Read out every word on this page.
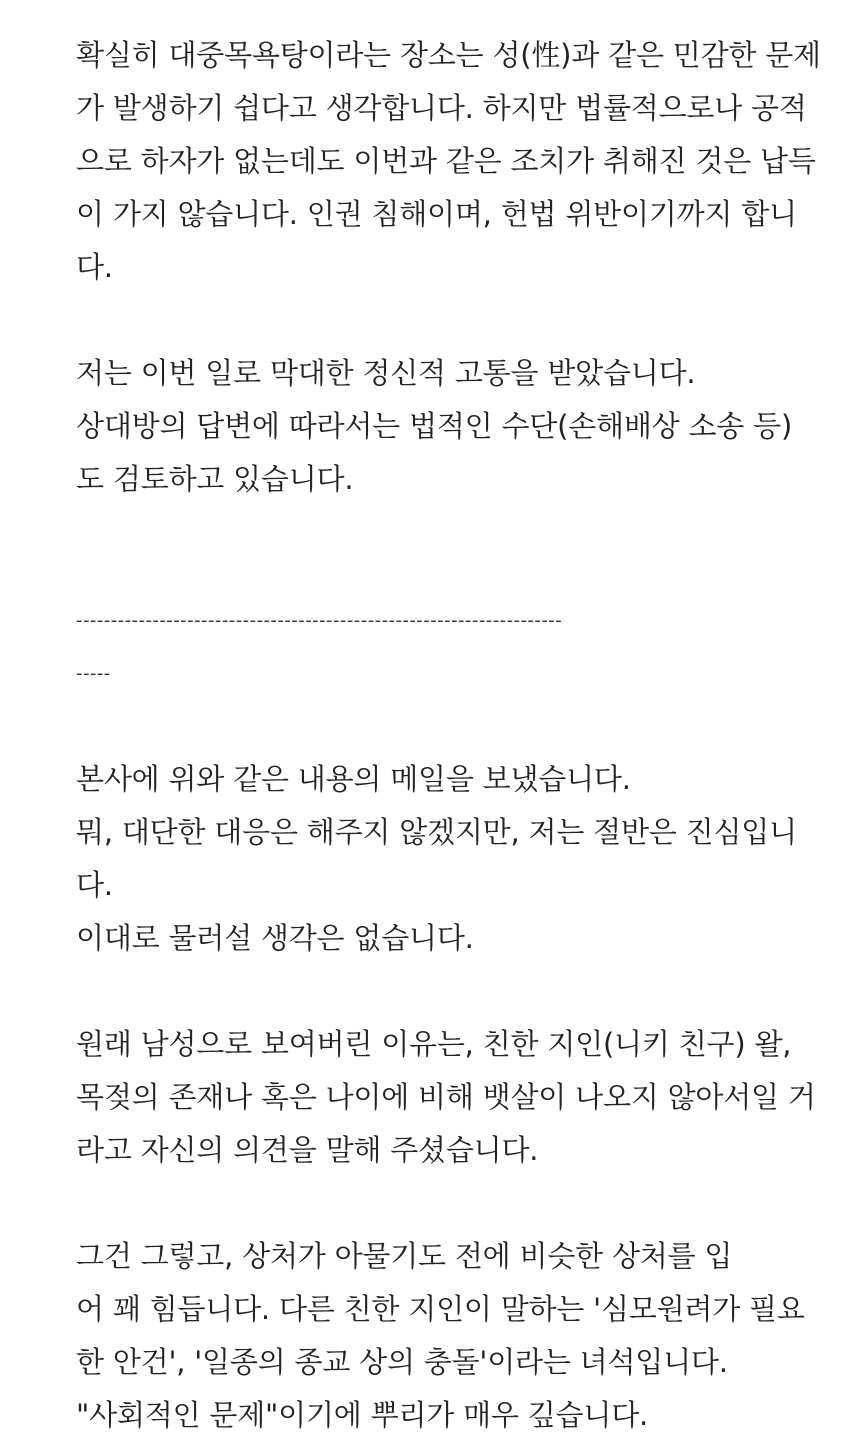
확실히 대중목욕탕이라는 장소는 성(性)과 같은 민감한 문제
가 발생하기 쉽다고 생각합니다. 하지만 법률적으로나 공적
으로 하자가 없는데도 이번과 같은 조치가 취해진 것은 납득
이 가지 않습니다. 인권 침해이며, 헌법 위반이기까지 합니
다.
저는 이번 일로 막대한 정신적 고통을 받았습니다.
상대방의 답변에 따라서는 법적인 수단(손해배상 소송 등)
도 검토하고 있습니다.
----------------------------------------------------------------------
-----
본사에 위와 같은 내용의 메일을 보냈습니다.
뭐, 대단한 대응은 해주지 않겠지만, 저는 절반은 진심입니
다.
이대로 물러설 생각은 없습니다.
원래 남성으로 보여버린 이유는, 친한 지인(니키 친구) 왈,
목젖의 존재나 혹은 나이에 비해 뱃살이 나오지 않아서일 거
라고 자신의 의견을 말해 주셨습니다.
그건 그렇고, 상처가 아물기도 전에 비슷한 상처를 입
어 꽤 힘듭니다. 다른 친한 지인이 말하는 '심모원려가 필요
한 안건', '일종의 종교 상의 충돌'이라는 녀석입니다.
"사회적인 문제"이기에 뿌리가 매우 깊습니다.
